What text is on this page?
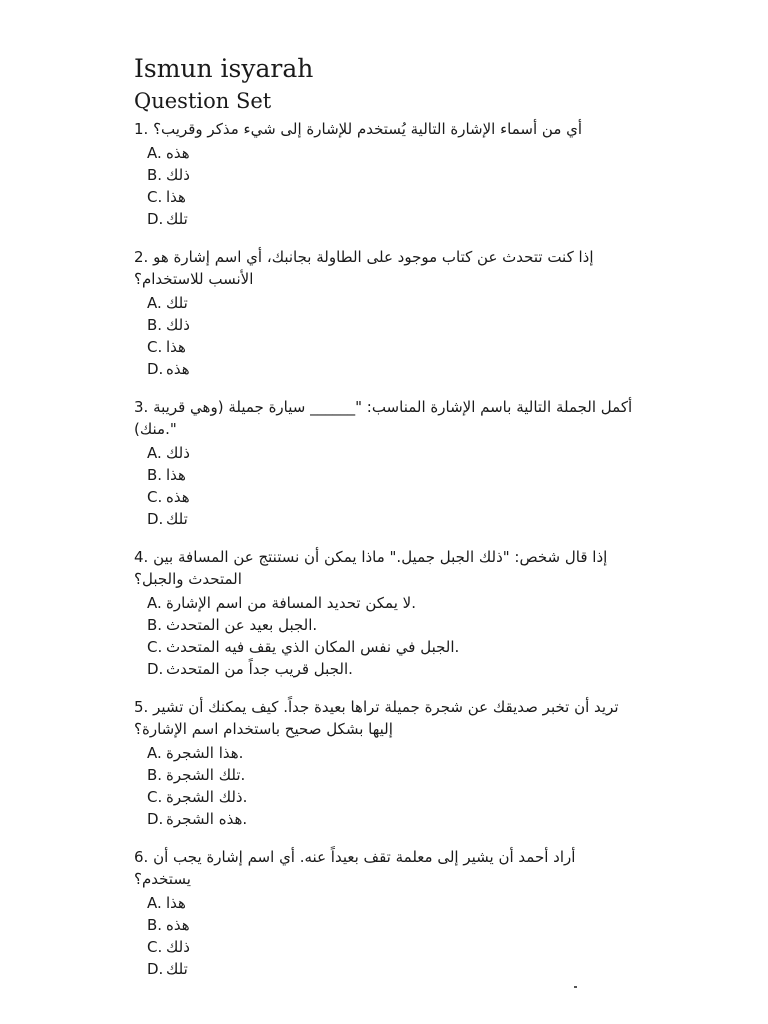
Ismun isyarah
Question Set

1. أي من أسماء الإشارة التالية يُستخدم للإشارة إلى شيء مذكر وقريب؟

A. هذه
B. ذلك
C. هذا
D. تلك

2. إذا كنت تتحدث عن كتاب موجود على الطاولة بجانبك، أي اسم إشارة هو الأنسب للاستخدام؟

A. تلك
B. ذلك
C. هذا
D. هذه

3. أكمل الجملة التالية باسم الإشارة المناسب: "______ سيارة جميلة (وهي قريبة منك)."

A. ذلك
B. هذا
C. هذه
D. تلك

4. إذا قال شخص: "ذلك الجبل جميل." ماذا يمكن أن نستنتج عن المسافة بين المتحدث والجبل؟

A. لا يمكن تحديد المسافة من اسم الإشارة.
B. الجبل بعيد عن المتحدث.
C. الجبل في نفس المكان الذي يقف فيه المتحدث.
D. الجبل قريب جداً من المتحدث.

5. تريد أن تخبر صديقك عن شجرة جميلة تراها بعيدة جداً. كيف يمكنك أن تشير إليها بشكل صحيح باستخدام اسم الإشارة؟

A. هذا الشجرة.
B. تلك الشجرة.
C. ذلك الشجرة.
D. هذه الشجرة.

6. أراد أحمد أن يشير إلى معلمة تقف بعيداً عنه. أي اسم إشارة يجب أن يستخدم؟

A. هذا
B. هذه
C. ذلك
D. تلك
